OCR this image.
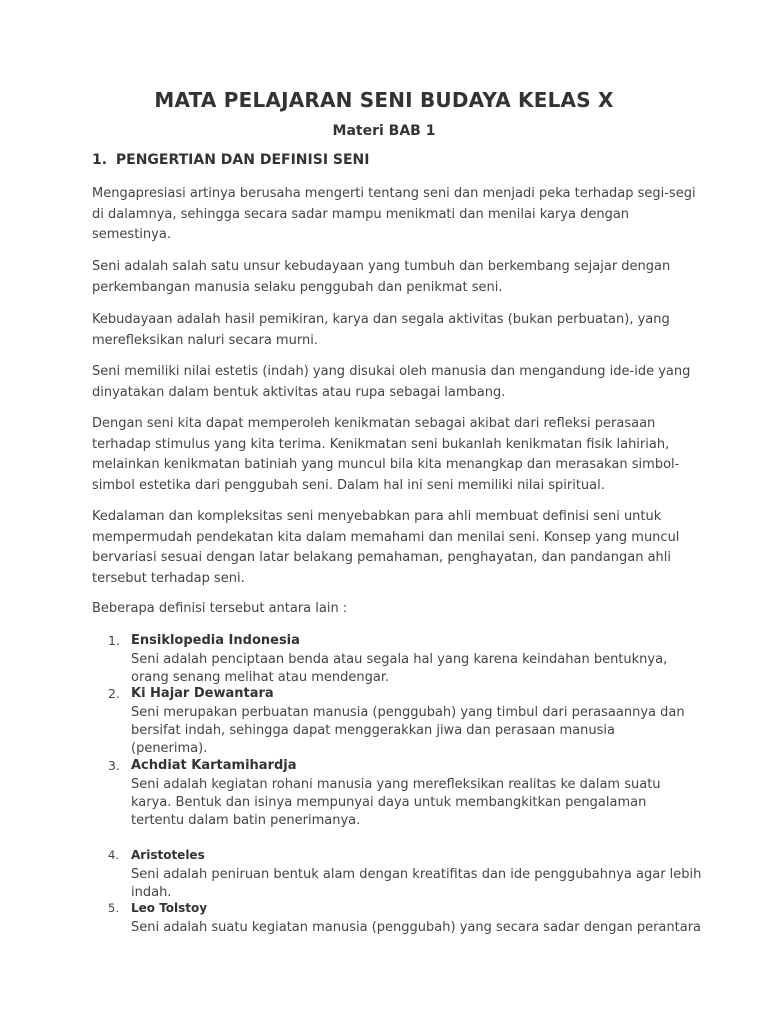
MATA PELAJARAN SENI BUDAYA KELAS X
Materi BAB 1
1. PENGERTIAN DAN DEFINISI SENI
Mengapresiasi artinya berusaha mengerti tentang seni dan menjadi peka terhadap segi-segi
di dalamnya, sehingga secara sadar mampu menikmati dan menilai karya dengan
semestinya.
Seni adalah salah satu unsur kebudayaan yang tumbuh dan berkembang sejajar dengan
perkembangan manusia selaku penggubah dan penikmat seni.
Kebudayaan adalah hasil pemikiran, karya dan segala aktivitas (bukan perbuatan), yang
merefleksikan naluri secara murni.
Seni memiliki nilai estetis (indah) yang disukai oleh manusia dan mengandung ide-ide yang
dinyatakan dalam bentuk aktivitas atau rupa sebagai lambang.
Dengan seni kita dapat memperoleh kenikmatan sebagai akibat dari refleksi perasaan
terhadap stimulus yang kita terima. Kenikmatan seni bukanlah kenikmatan fisik lahiriah,
melainkan kenikmatan batiniah yang muncul bila kita menangkap dan merasakan simbol-
simbol estetika dari penggubah seni. Dalam hal ini seni memiliki nilai spiritual.
Kedalaman dan kompleksitas seni menyebabkan para ahli membuat definisi seni untuk
mempermudah pendekatan kita dalam memahami dan menilai seni. Konsep yang muncul
bervariasi sesuai dengan latar belakang pemahaman, penghayatan, dan pandangan ahli
tersebut terhadap seni.
Beberapa definisi tersebut antara lain :
1. Ensiklopedia Indonesia
Seni adalah penciptaan benda atau segala hal yang karena keindahan bentuknya,
orang senang melihat atau mendengar.
2. Ki Hajar Dewantara
Seni merupakan perbuatan manusia (penggubah) yang timbul dari perasaannya dan
bersifat indah, sehingga dapat menggerakkan jiwa dan perasaan manusia
(penerima).
3. Achdiat Kartamihardja
Seni adalah kegiatan rohani manusia yang merefleksikan realitas ke dalam suatu
karya. Bentuk dan isinya mempunyai daya untuk membangkitkan pengalaman
tertentu dalam batin penerimanya.
4. Aristoteles
Seni adalah peniruan bentuk alam dengan kreatifitas dan ide penggubahnya agar lebih
indah.
5. Leo Tolstoy
Seni adalah suatu kegiatan manusia (penggubah) yang secara sadar dengan perantara
